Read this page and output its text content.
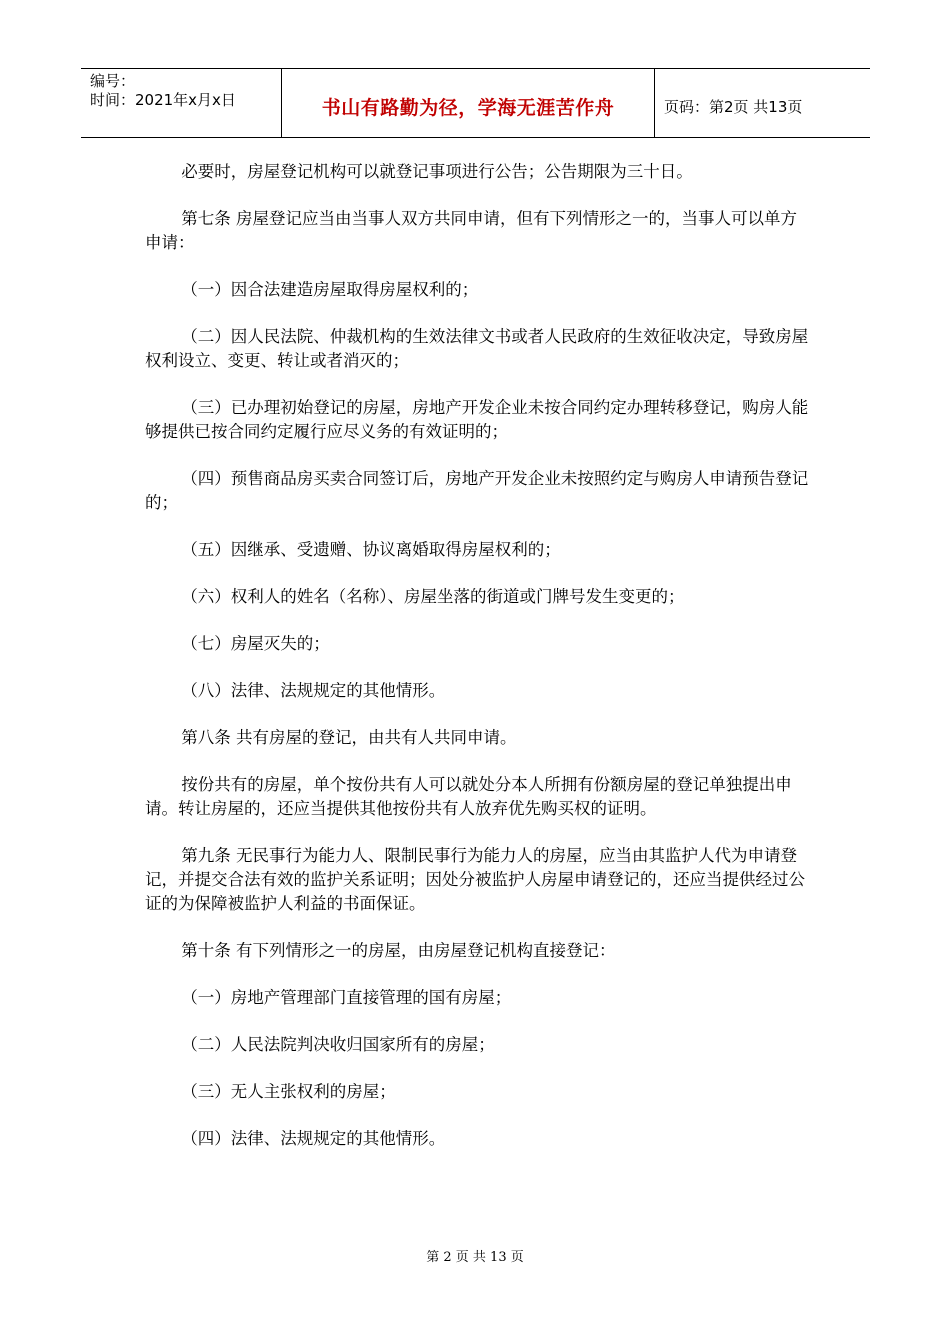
编号：
时间：2021年x月x日	书山有路勤为径，学海无涯苦作舟	页码：第2页 共13页

必要时，房屋登记机构可以就登记事项进行公告；公告期限为三十日。

第七条 房屋登记应当由当事人双方共同申请，但有下列情形之一的，当事人可以单方申请：

（一）因合法建造房屋取得房屋权利的；

（二）因人民法院、仲裁机构的生效法律文书或者人民政府的生效征收决定，导致房屋权利设立、变更、转让或者消灭的；

（三）已办理初始登记的房屋，房地产开发企业未按合同约定办理转移登记，购房人能够提供已按合同约定履行应尽义务的有效证明的；

（四）预售商品房买卖合同签订后，房地产开发企业未按照约定与购房人申请预告登记的；

（五）因继承、受遗赠、协议离婚取得房屋权利的；

（六）权利人的姓名（名称）、房屋坐落的街道或门牌号发生变更的；

（七）房屋灭失的；

（八）法律、法规规定的其他情形。

第八条 共有房屋的登记，由共有人共同申请。

按份共有的房屋，单个按份共有人可以就处分本人所拥有份额房屋的登记单独提出申请。转让房屋的，还应当提供其他按份共有人放弃优先购买权的证明。

第九条 无民事行为能力人、限制民事行为能力人的房屋，应当由其监护人代为申请登记，并提交合法有效的监护关系证明；因处分被监护人房屋申请登记的，还应当提供经过公证的为保障被监护人利益的书面保证。

第十条 有下列情形之一的房屋，由房屋登记机构直接登记：

（一）房地产管理部门直接管理的国有房屋；

（二）人民法院判决收归国家所有的房屋；

（三）无人主张权利的房屋；

（四）法律、法规规定的其他情形。

第 2 页 共 13 页
